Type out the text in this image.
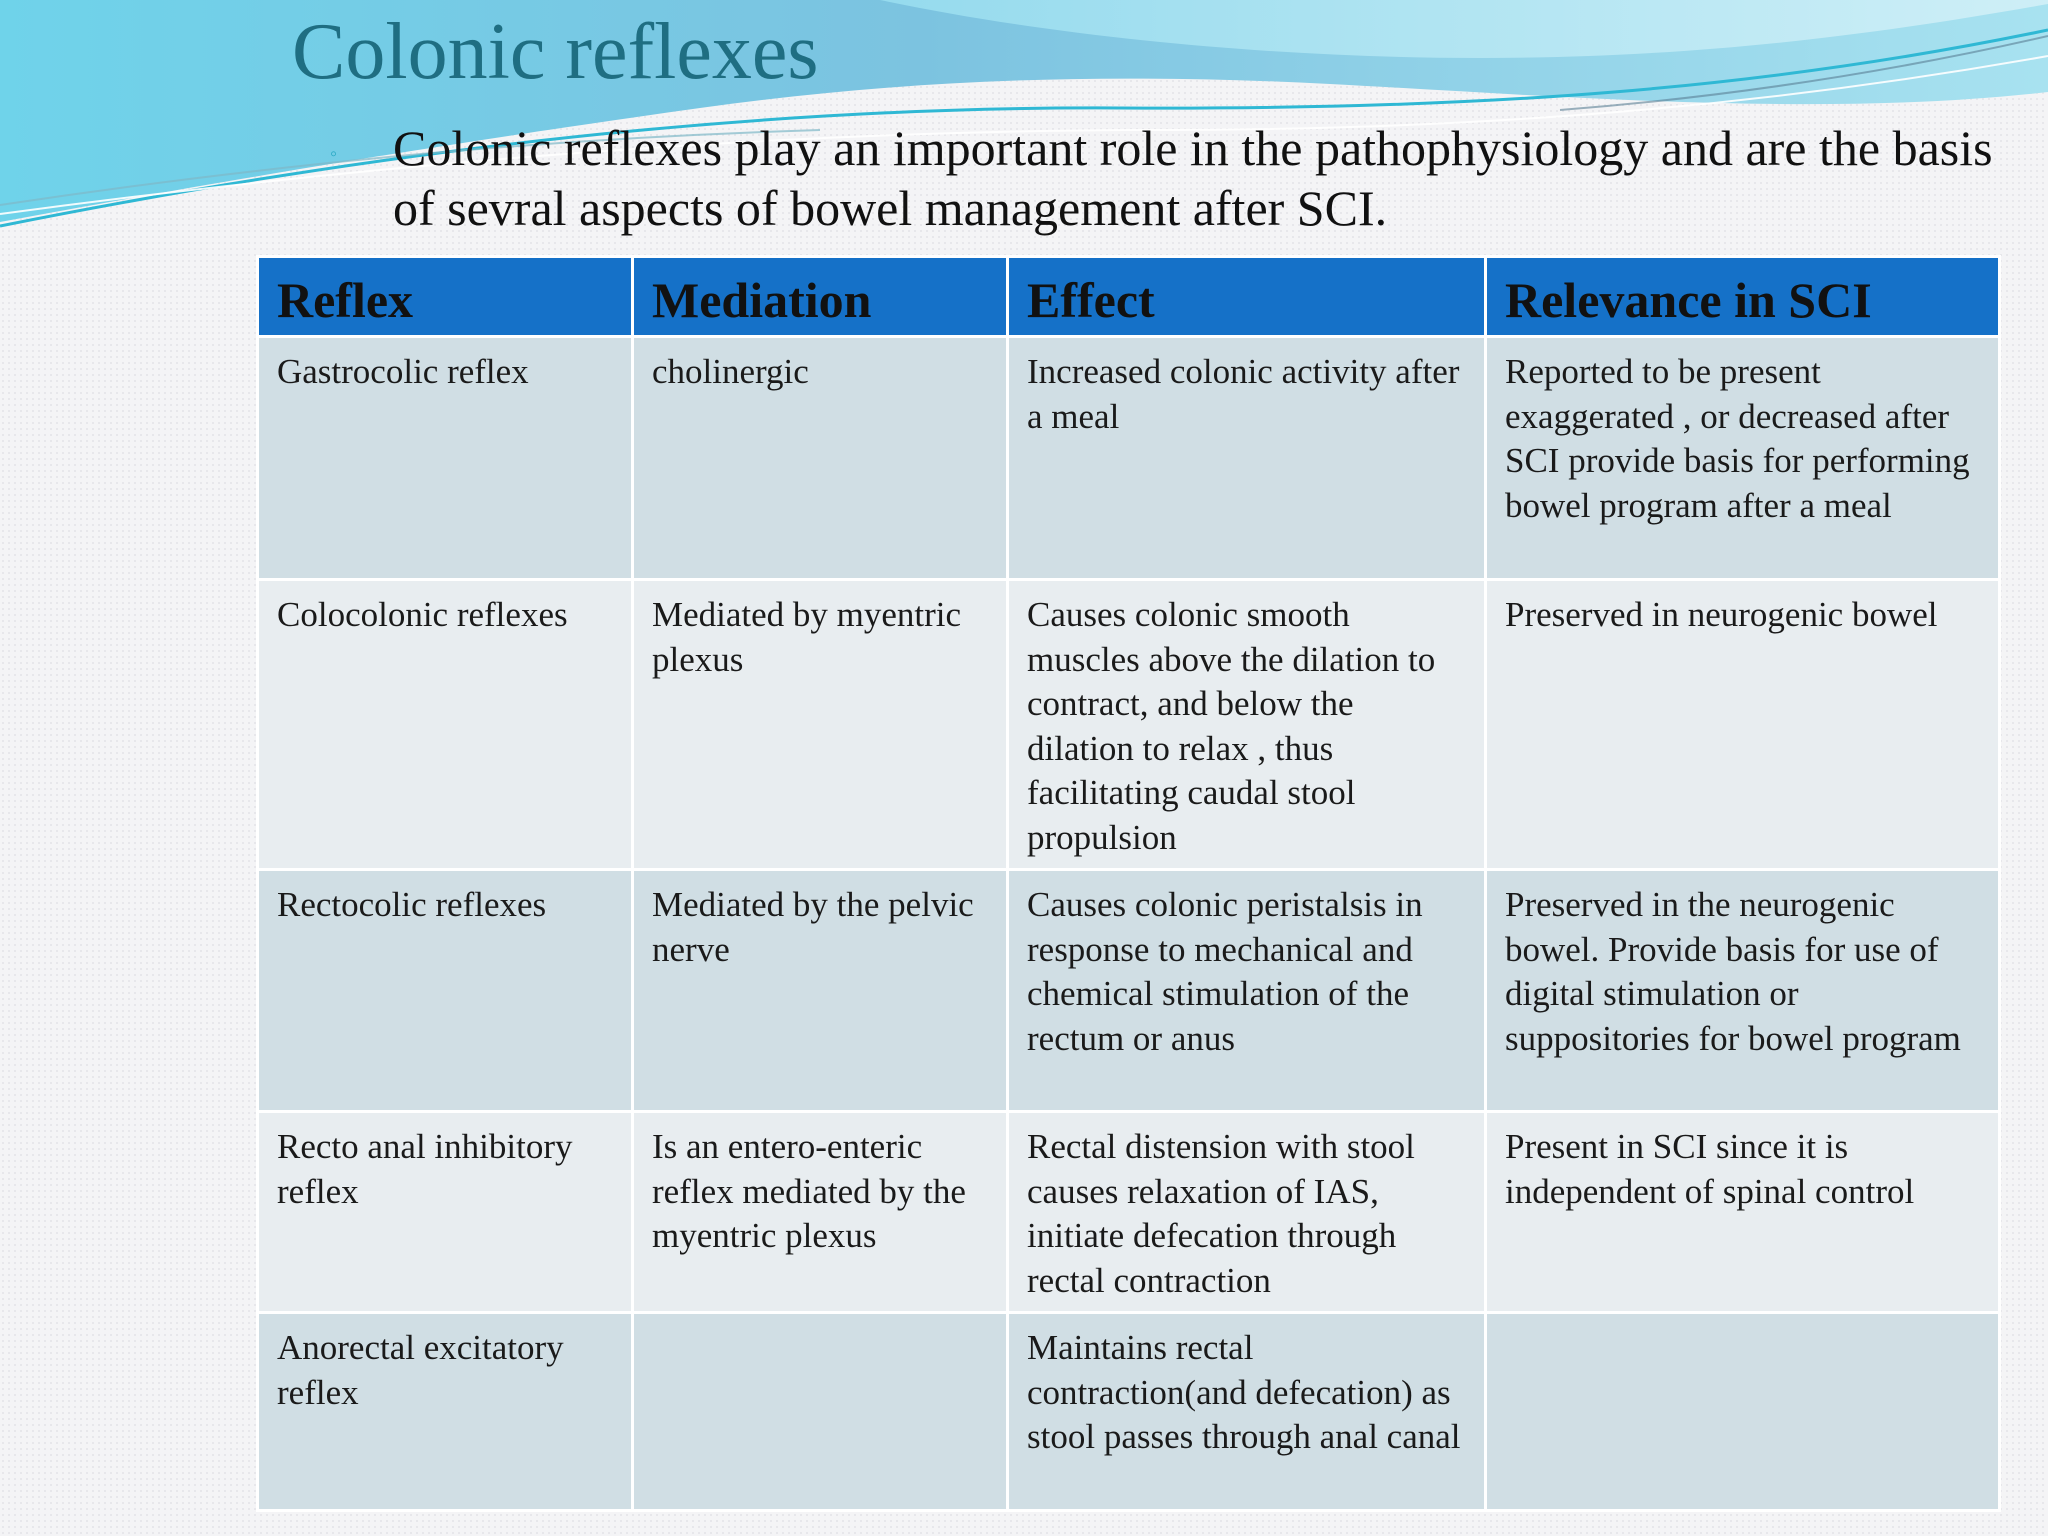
Colonic reflexes
◦ Colonic reflexes play an important role in the pathophysiology and are the basis of sevral aspects of bowel management after SCI.

Reflex	Mediation	Effect	Relevance in SCI
Gastrocolic reflex	cholinergic	Increased colonic activity after a meal	Reported to be present exaggerated , or decreased after SCI provide basis for performing bowel program after a meal
Colocolonic reflexes	Mediated by myentric plexus	Causes colonic smooth muscles above the dilation to contract, and below the dilation to relax , thus facilitating caudal stool propulsion	Preserved in neurogenic bowel
Rectocolic reflexes	Mediated by the pelvic nerve	Causes colonic peristalsis in response to mechanical and chemical stimulation of the rectum or anus	Preserved in the neurogenic bowel. Provide basis for use of digital stimulation or suppositories for bowel program
Recto anal inhibitory reflex	Is an entero-enteric reflex mediated by the myentric plexus	Rectal distension with stool causes relaxation of IAS, initiate defecation through rectal contraction	Present in SCI since it is independent of spinal control
Anorectal excitatory reflex		Maintains rectal contraction(and defecation) as stool passes through anal canal	
